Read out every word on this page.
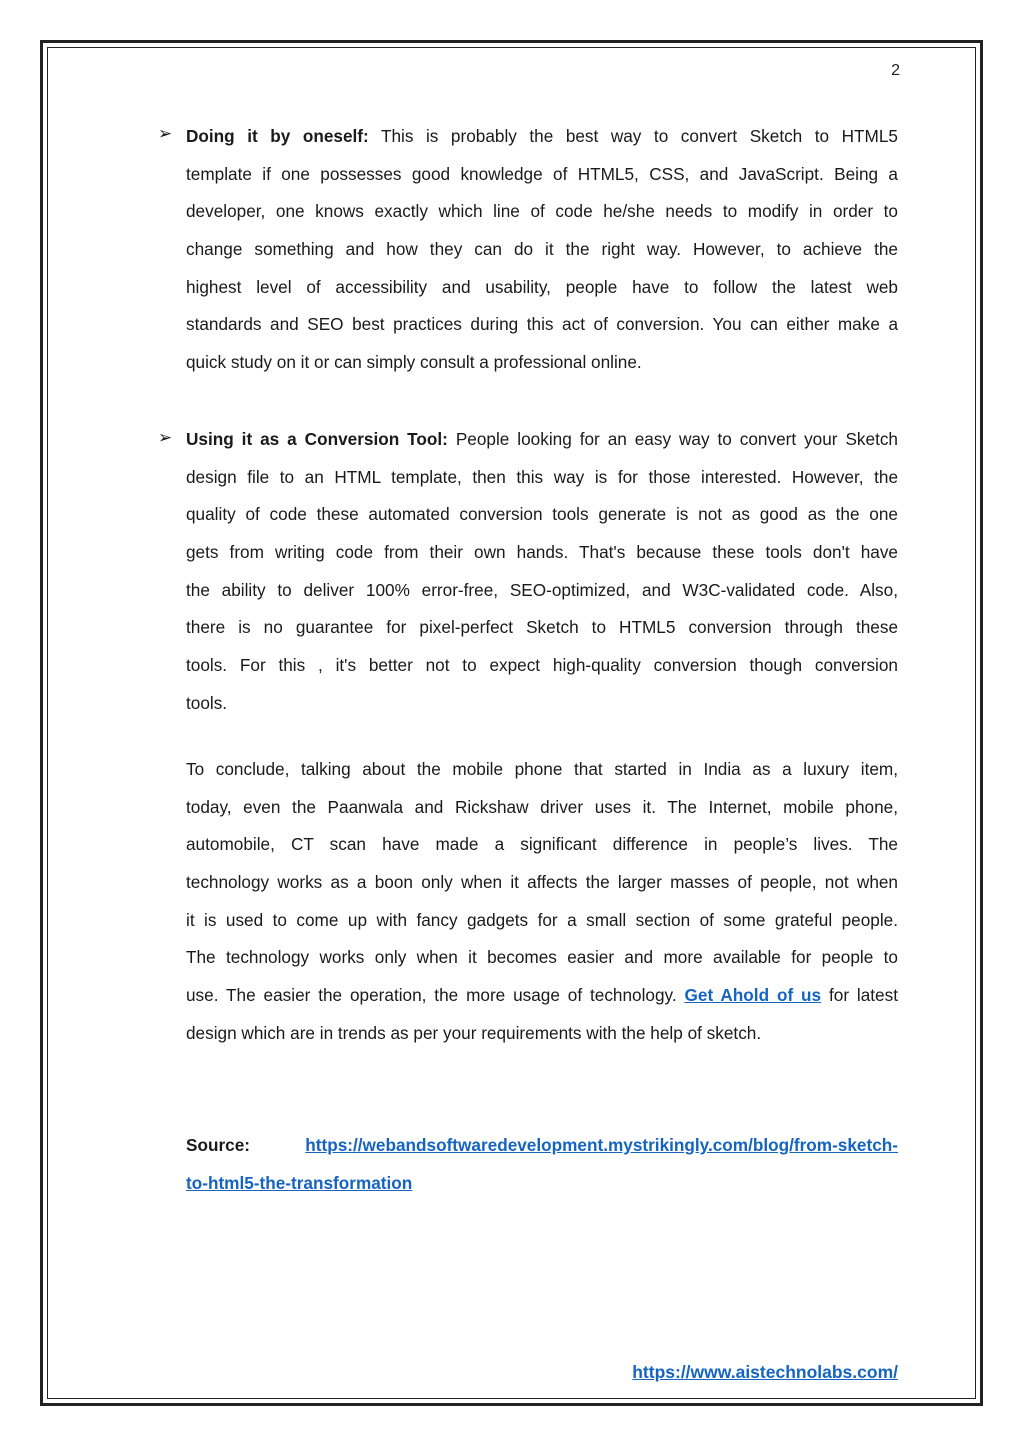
2
➢ Doing it by oneself: This is probably the best way to convert Sketch to HTML5
template if one possesses good knowledge of HTML5, CSS, and JavaScript. Being a
developer, one knows exactly which line of code he/she needs to modify in order to
change something and how they can do it the right way. However, to achieve the
highest level of accessibility and usability, people have to follow the latest web
standards and SEO best practices during this act of conversion. You can either make a
quick study on it or can simply consult a professional online.
➢ Using it as a Conversion Tool: People looking for an easy way to convert your Sketch
design file to an HTML template, then this way is for those interested. However, the
quality of code these automated conversion tools generate is not as good as the one
gets from writing code from their own hands. That's because these tools don't have
the ability to deliver 100% error-free, SEO-optimized, and W3C-validated code. Also,
there is no guarantee for pixel-perfect Sketch to HTML5 conversion through these
tools. For this , it's better not to expect high-quality conversion though conversion
tools.
To conclude, talking about the mobile phone that started in India as a luxury item,
today, even the Paanwala and Rickshaw driver uses it. The Internet, mobile phone,
automobile, CT scan have made a significant difference in people’s lives. The
technology works as a boon only when it affects the larger masses of people, not when
it is used to come up with fancy gadgets for a small section of some grateful people.
The technology works only when it becomes easier and more available for people to
use. The easier the operation, the more usage of technology. Get Ahold of us for latest
design which are in trends as per your requirements with the help of sketch.
Source:	https://webandsoftwaredevelopment.mystrikingly.com/blog/from-sketch-
to-html5-the-transformation
https://www.aistechnolabs.com/
